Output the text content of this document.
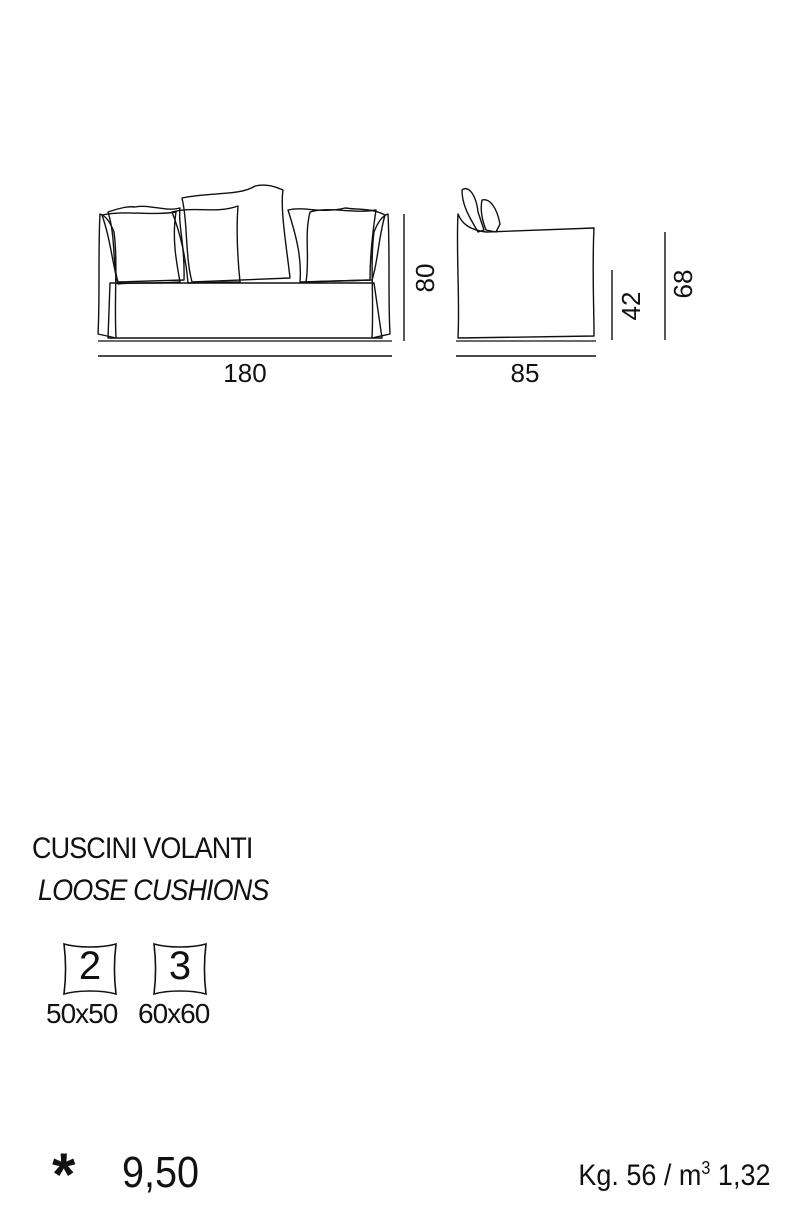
180
80
85
42
68
CUSCINI VOLANTI
LOOSE CUSHIONS
2
50x50
3
60x60
* 9,50	Kg. $56 / m^3$ 1,32
